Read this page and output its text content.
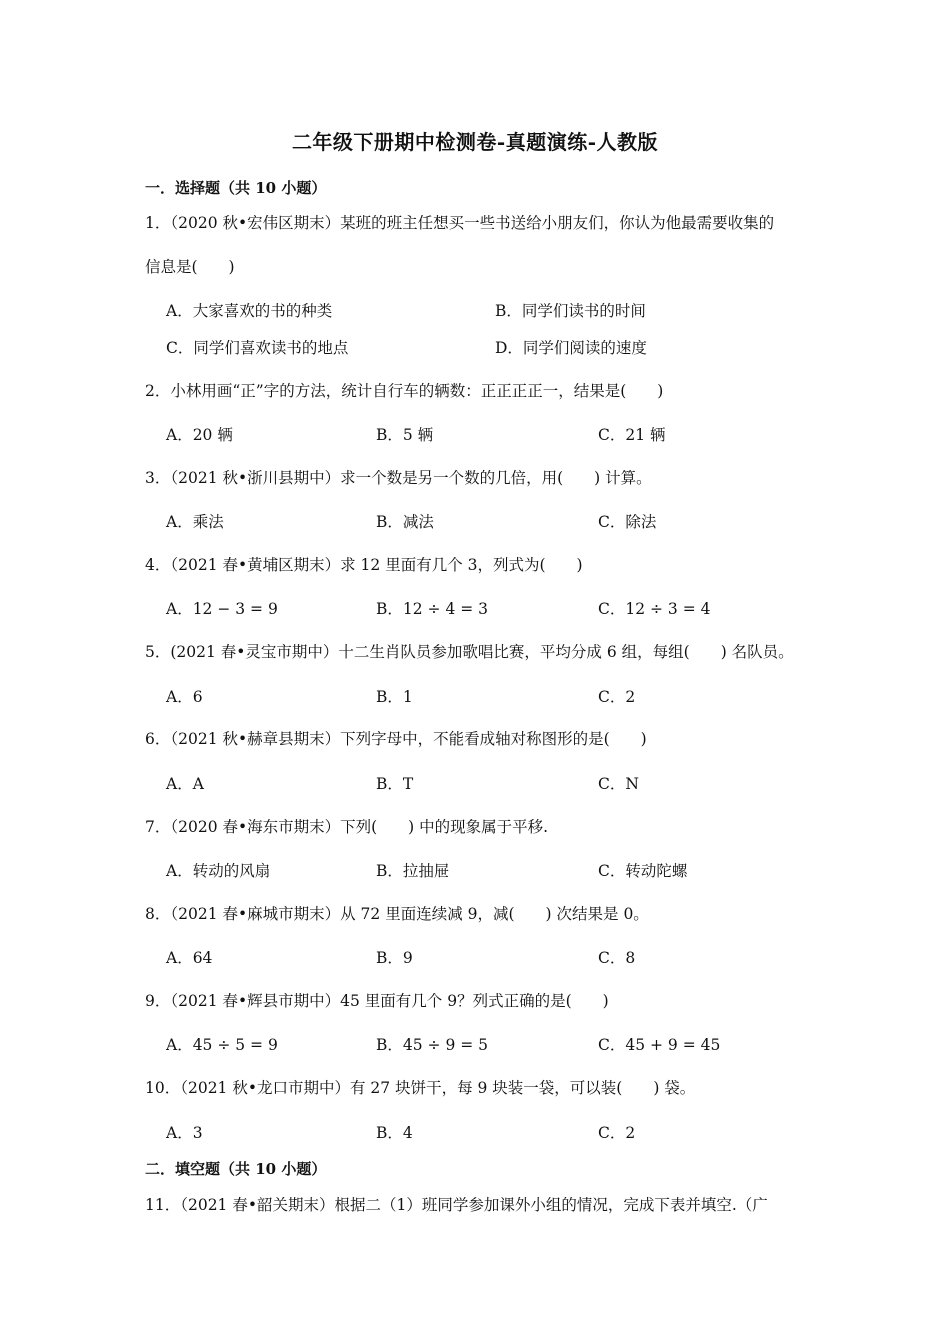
二年级下册期中检测卷-真题演练-人教版
一．选择题（共 10 小题）
1．（2020 秋•宏伟区期末）某班的班主任想买一些书送给小朋友们，你认为他最需要收集的
信息是(　　)
A．大家喜欢的书的种类	B．同学们读书的时间
C．同学们喜欢读书的地点	D．同学们阅读的速度
2．小林用画“正”字的方法，统计自行车的辆数：正正正正一，结果是(　　)
A．20 辆	B．5 辆	C．21 辆
3．（2021 秋•浙川县期中）求一个数是另一个数的几倍，用(　　) 计算。
A．乘法	B．减法	C．除法
4．（2021 春•黄埔区期末）求 12 里面有几个 3，列式为(　　)
A．12 − 3 = 9	B．12 ÷ 4 = 3	C．12 ÷ 3 = 4
5．(2021 春•灵宝市期中）十二生肖队员参加歌唱比赛，平均分成 6 组，每组(　　) 名队员。
A．6	B．1	C．2
6．（2021 秋•赫章县期末）下列字母中，不能看成轴对称图形的是(　　)
A．A	B．T	C．N
7．（2020 春•海东市期末）下列(　　) 中的现象属于平移.
A．转动的风扇	B．拉抽屉	C．转动陀螺
8．（2021 春•麻城市期末）从 72 里面连续减 9，减(　　) 次结果是 0。
A．64	B．9	C．8
9．（2021 春•辉县市期中）45 里面有几个 9？列式正确的是(　　)
A．45 ÷ 5 = 9	B．45 ÷ 9 = 5	C．45 + 9 = 45
10．（2021 秋•龙口市期中）有 27 块饼干，每 9 块装一袋，可以装(　　) 袋。
A．3	B．4	C．2
二．填空题（共 10 小题）
11．（2021 春•韶关期末）根据二（1）班同学参加课外小组的情况，完成下表并填空.（广
